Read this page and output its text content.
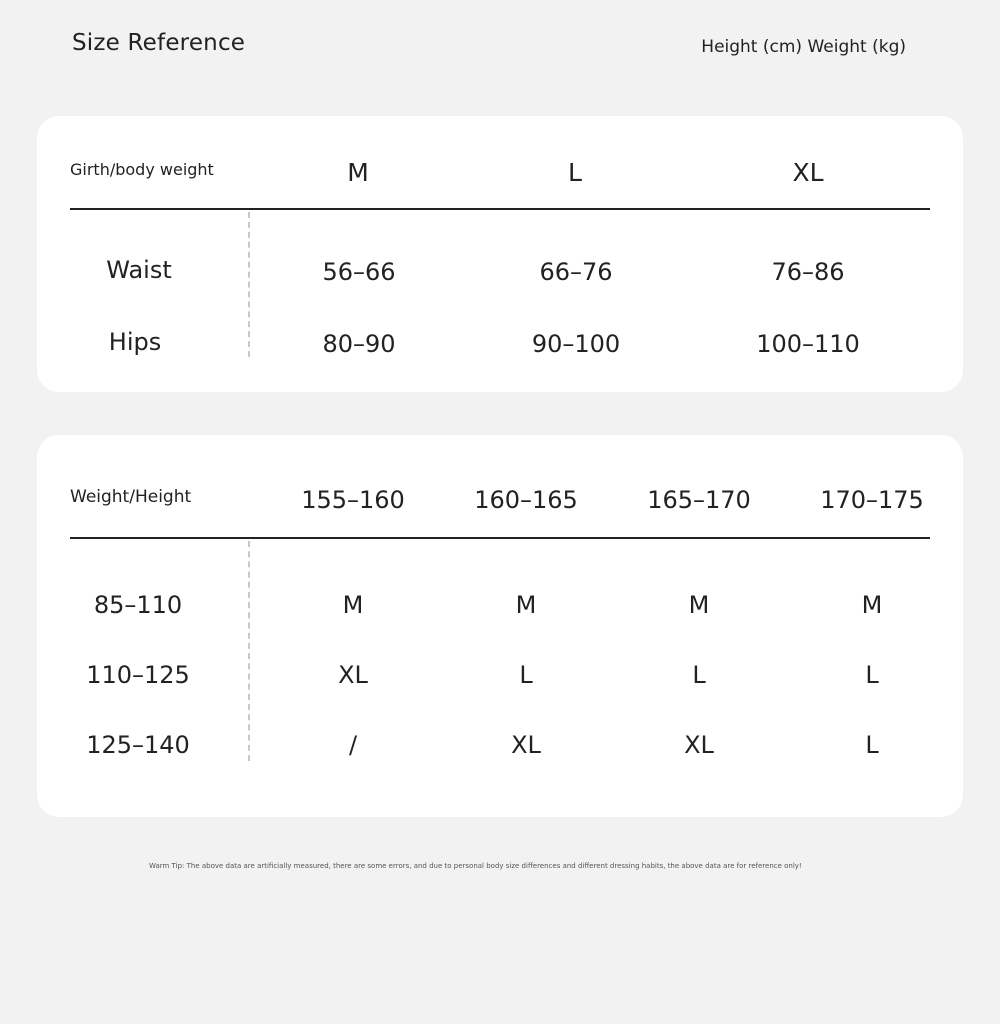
Size Reference	Height (cm) Weight (kg)
Girth/body weight	M	L	XL
Waist	56–66	66–76	76–86
Hips	80–90	90–100	100–110
Weight/Height	155–160	160–165	165–170	170–175
85–110	M	M	M	M
110–125	XL	L	L	L
125–140	/	XL	XL	L
Warm Tip: The above data are artificially measured, there are some errors, and due to personal body size differences and different dressing habits, the above data are for reference only!
